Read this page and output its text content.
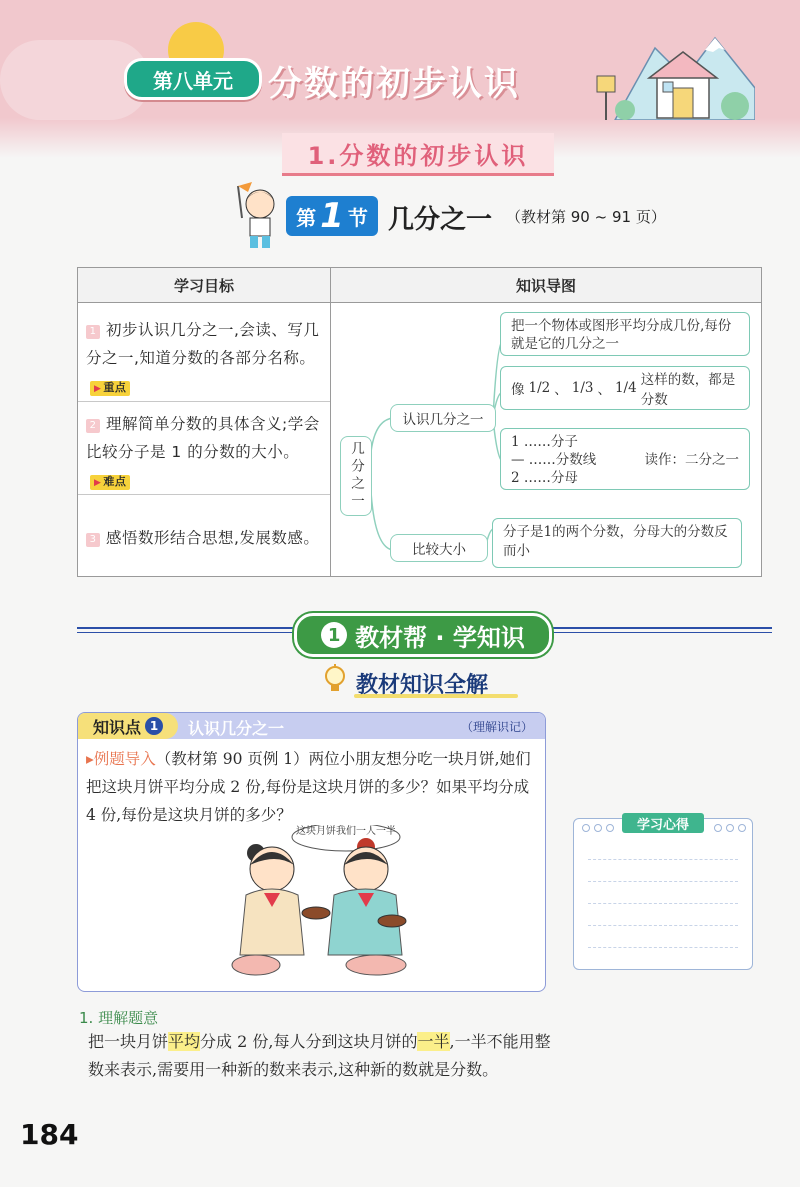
第八单元	分数的初步认识
1.分数的初步认识
第 1 节 几分之一 （教材第 90 ~ 91 页）
学习目标	知识导图
1 初步认识几分之一,会读、写几分之一,知道分数的各部分名称。▶ 重点
2 理解简单分数的具体含义;学会比较分子是 1 的分数的大小。▶ 难点
3 感悟数形结合思想,发展数感。
几分之一
认识几分之一
比较大小
把一个物体或图形平均分成几份,每份就是它的几分之一
像 1/2 、 1/3 、 1/4 这样的数，都是分数
1 ……分子
— ……分数线	读作：二分之一
2 ……分母
分子是1的两个分数，分母大的分数反而小
1 教材帮 · 学知识
教材知识全解
知识点 1	认识几分之一	（理解识记）
▸例题导入（教材第 90 页例 1）两位小朋友想分吃一块月饼,她们把这块月饼平均分成 2 份,每份是这块月饼的多少？如果平均分成 4 份,每份是这块月饼的多少？
这块月饼我们一人一半	学习心得
1. 理解题意
把一块月饼平均分成 2 份,每人分到这块月饼的一半,一半不能用整数来表示,需要用一种新的数来表示,这种新的数就是分数。
184
